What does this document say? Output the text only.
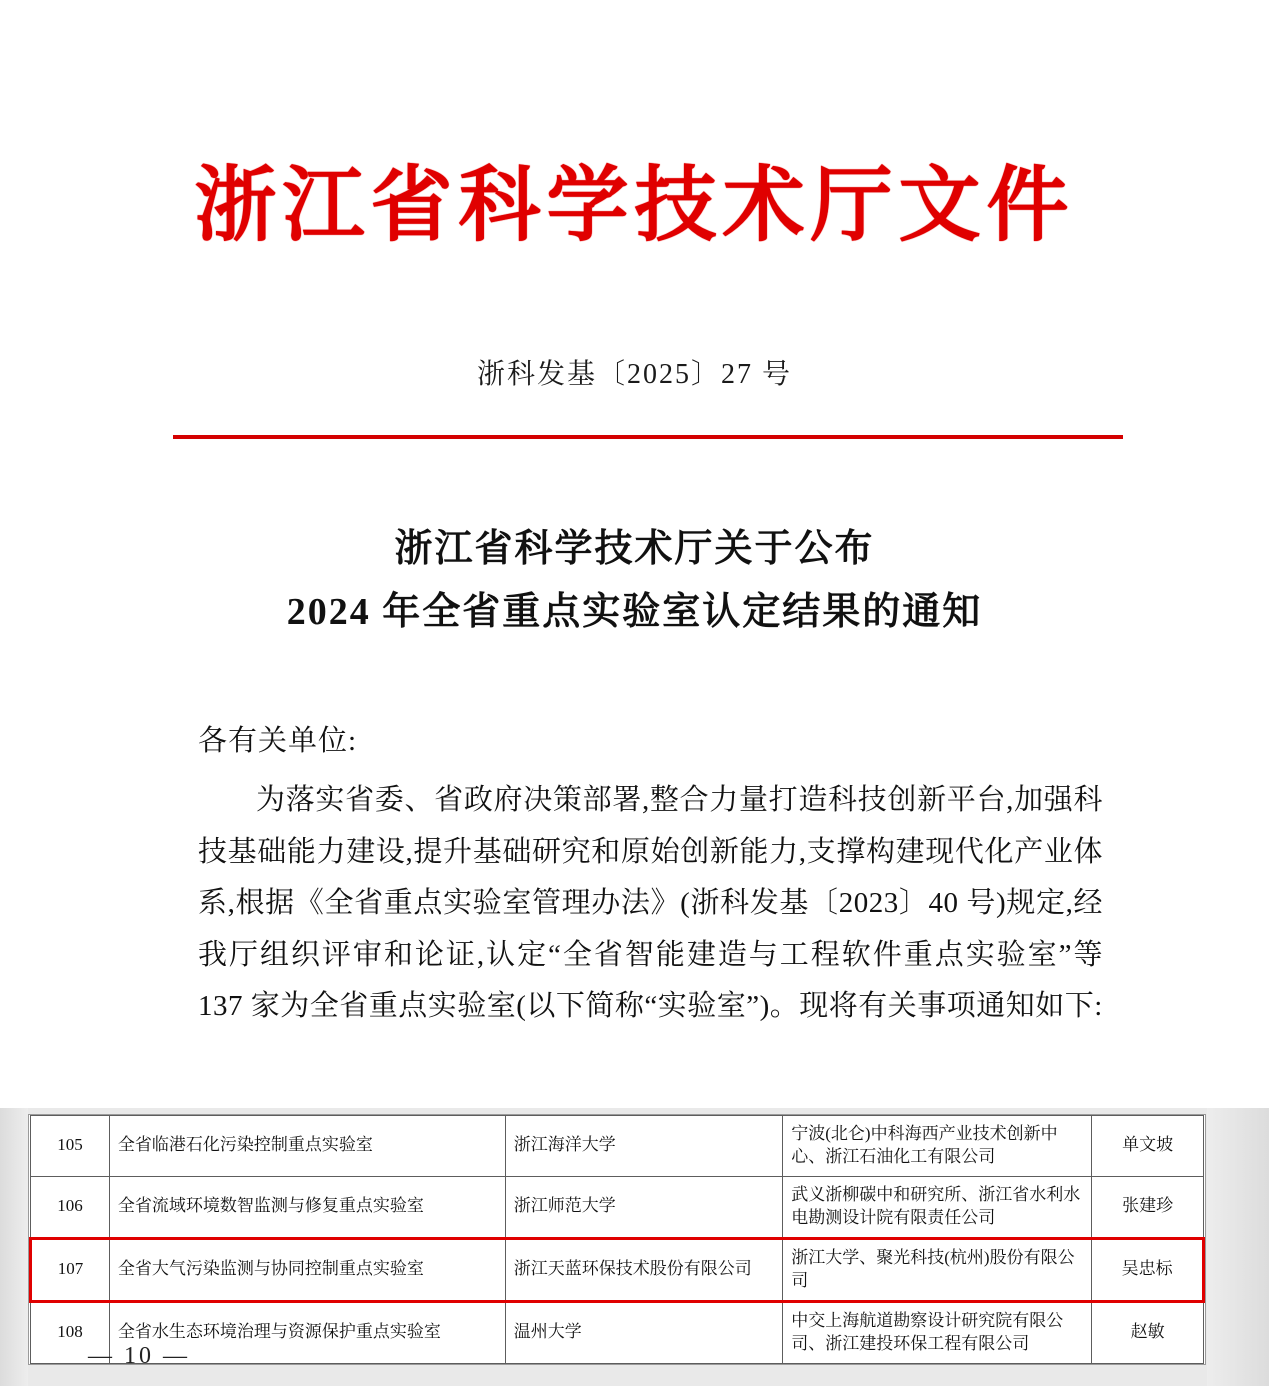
浙江省科学技术厅文件
浙科发基〔2025〕27 号
浙江省科学技术厅关于公布
2024 年全省重点实验室认定结果的通知
各有关单位:
为落实省委、省政府决策部署,整合力量打造科技创新平台,加强科技基础能力建设,提升基础研究和原始创新能力,支撑构建现代化产业体系,根据《全省重点实验室管理办法》(浙科发基〔2023〕40 号)规定,经我厅组织评审和论证,认定“全省智能建造与工程软件重点实验室”等 137 家为全省重点实验室(以下简称“实验室”)。现将有关事项通知如下:
105	全省临港石化污染控制重点实验室	浙江海洋大学	宁波(北仑)中科海西产业技术创新中心、浙江石油化工有限公司	单文坡
106	全省流域环境数智监测与修复重点实验室	浙江师范大学	武义浙柳碳中和研究所、浙江省水利水电勘测设计院有限责任公司	张建珍
107	全省大气污染监测与协同控制重点实验室	浙江天蓝环保技术股份有限公司	浙江大学、聚光科技(杭州)股份有限公司	吴忠标
108	全省水生态环境治理与资源保护重点实验室	温州大学	中交上海航道勘察设计研究院有限公司、浙江建投环保工程有限公司	赵敏
— 10 —
